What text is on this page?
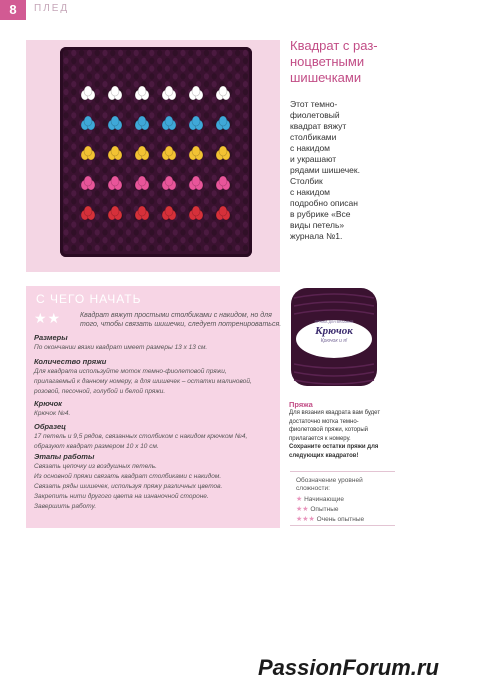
8	ПЛЕД
Квадрат с раз-
ноцветными
шишечками
Этот темно-
фиолетовый
квадрат вяжут
столбиками
с накидом
и украшают
рядами шишечек.
Столбик
с накидом
подробно описан
в рубрике «Все
виды петель»
журнала №1.
С ЧЕГО НАЧАТЬ
★★	Квадрат вяжут простыми столбиками с накидом, но для
того, чтобы связать шишечки, следует потренироваться.
Размеры
По окончании вязки квадрат имеет размеры 13 х 13 см.
Количество пряжи
Для квадрата используйте моток темно-фиолетовой пряжи,
прилагаемый к данному номеру, а для шишечек – остатки малиновой,
розовой, песочной, голубой и белой пряжи.
Крючок
Крючок №4.
Образец
17 петель и 9,5 рядов, связанных столбиком с накидом крючком №4,
образуют квадрат размером 10 х 10 см.
Этапы работы
Связать цепочку из воздушных петель.
Из основной пряжи связать квадрат столбиками с накидом.
Связать ряды шишечек, используя пряжу различных цветов.
Закрепить нити другого цвета на изнаночной стороне.
Завершить работу.
ПРЯЖА ДЛЯ ВЯЗАНИЯ
Крючок
Крючок и я!
Пряжа
Для вязания квадрата вам будет
достаточно мотка темно-
фиолетовой пряжи, который
прилагается к номеру.
Сохраните остатки пряжи для
следующих квадратов!
Обозначение уровней
сложности:
★ Начинающие
★★ Опытные
★★★ Очень опытные
PassionForum.ru
